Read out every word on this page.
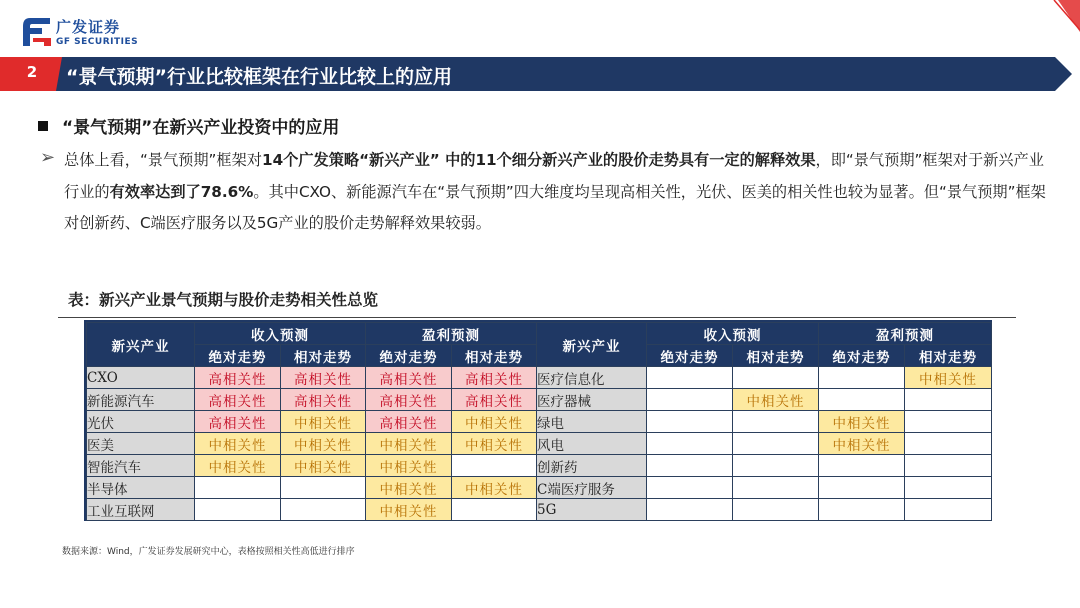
广发证券
GF SECURITIES
2 “景气预期”行业比较框架在行业比较上的应用
“景气预期”在新兴产业投资中的应用
➢ 总体上看，“景气预期”框架对14个广发策略“新兴产业” 中的11个细分新兴产业的股价走势具有一定的解释效果，即“景气预期”框架对于新兴产业行业的有效率达到了78.6%。其中CXO、新能源汽车在“景气预期”四大维度均呈现高相关性，光伏、医美的相关性也较为显著。但“景气预期”框架对创新药、C端医疗服务以及5G产业的股价走势解释效果较弱。
表：新兴产业景气预期与股价走势相关性总览
新兴产业	收入预测		盈利预测		新兴产业	收入预测		盈利预测	
	绝对走势	相对走势	绝对走势	相对走势		绝对走势	相对走势	绝对走势	相对走势
CXO	高相关性	高相关性	高相关性	高相关性	医疗信息化				中相关性
新能源汽车	高相关性	高相关性	高相关性	高相关性	医疗器械		中相关性		
光伏	高相关性	中相关性	高相关性	中相关性	绿电			中相关性	
医美	中相关性	中相关性	中相关性	中相关性	风电			中相关性	
智能汽车	中相关性	中相关性	中相关性		创新药				
半导体			中相关性	中相关性	C端医疗服务				
工业互联网			中相关性		5G				
数据来源：Wind，广发证券发展研究中心，表格按照相关性高低进行排序
